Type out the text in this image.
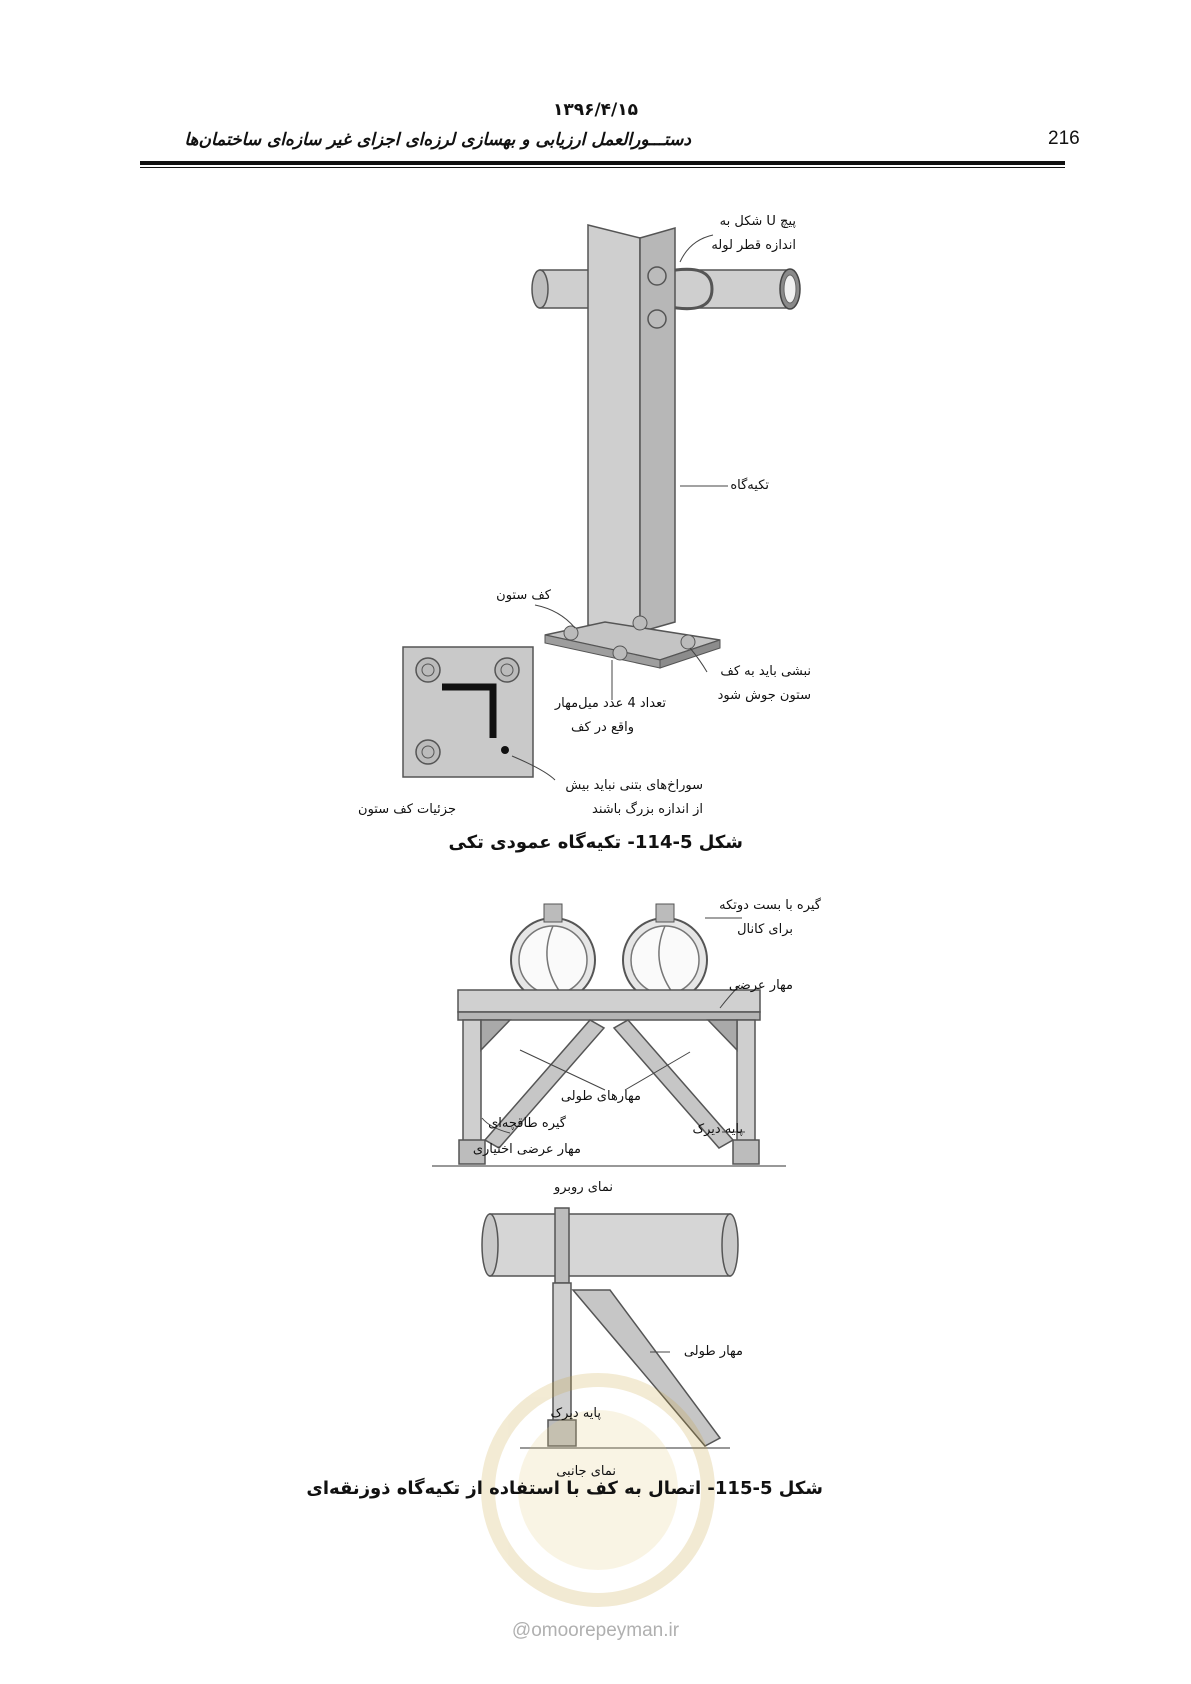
۱۳۹۶/۴/۱۵
دستـــورالعمل ارزیابی و بهسازی لرزه‌ای اجزای غیر سازه‌ای ساختمان‌ها	216
پیچ U شکل به
اندازه قطر لوله
تکیه‌گاه
کف ستون
نبشی باید به کف
ستون جوش شود
تعداد 4 عدد میل‌مهار
واقع در کف
سوراخ‌های بتنی نباید بیش
از اندازه بزرگ باشند
جزئیات کف ستون
شکل 5-114- تکیه‌گاه عمودی تکی
گیره با بست دوتکه
برای کانال
مهار عرضی
مهارهای طولی
گیره طاقچه‌ای	پایه دیرک
مهار عرضی اختیاری
نمای روبرو
مهار طولی
پایه دیرک
نمای جانبی
شکل 5-115- اتصال به کف با استفاده از تکیه‌گاه ذوزنقه‌ای
@omoorepeyman.ir
